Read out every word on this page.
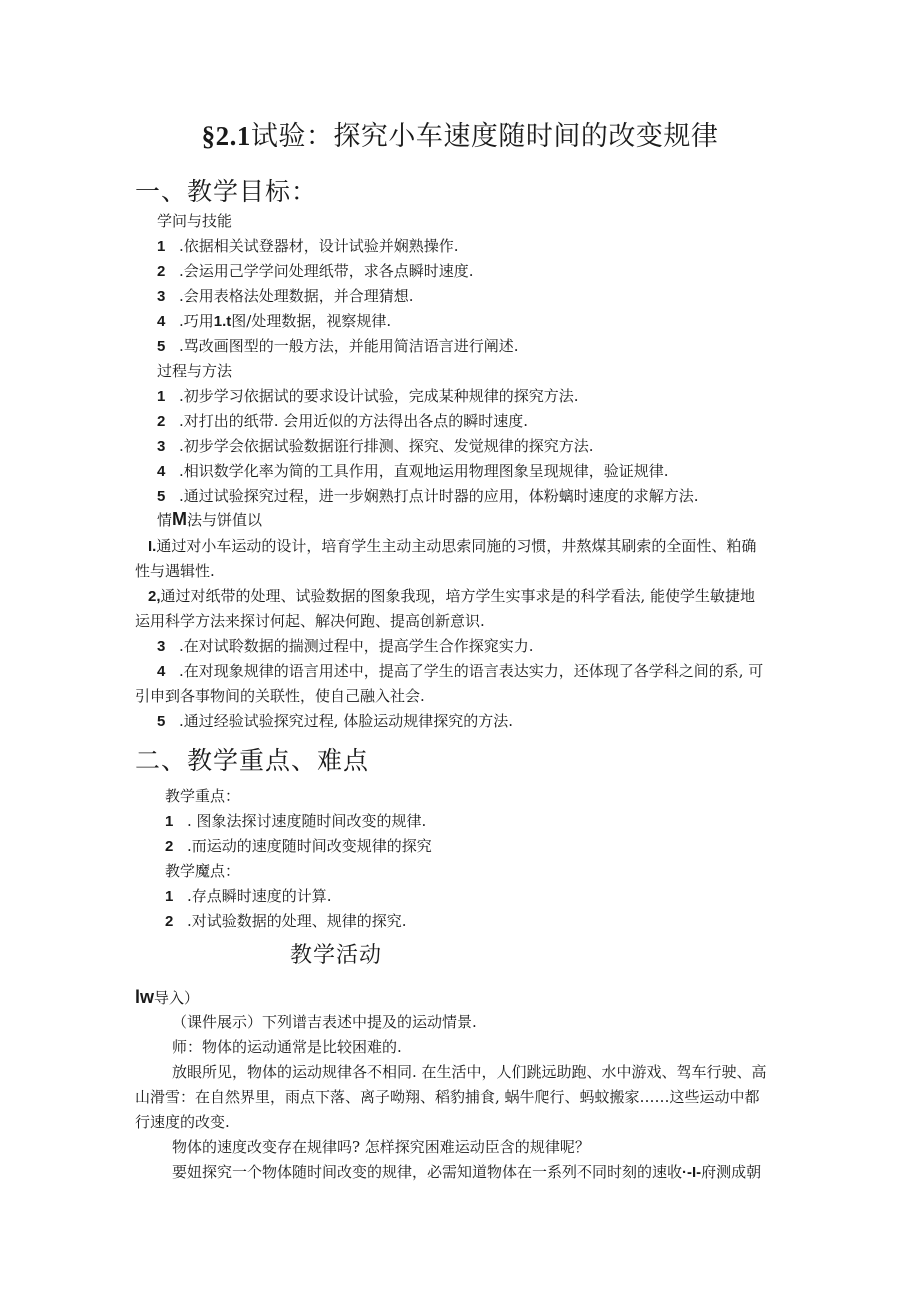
§2.1试验：探究小车速度随时间的改变规律
一、教学目标：
学问与技能
1 .依据相关试登器材，设计试验并娴熟操作.
2 .会运用己学学问处理纸带，求各点瞬时速度.
3 .会用表格法处理数据，并合理猜想.
4 .巧用1.t图/处理数据，视察规律.
5 .骂改画图型的一般方法，并能用简洁语言进行阐述.
过程与方法
1 .初步学习依据试的要求设计试验，完成某种规律的探究方法.
2 .对打出的纸带. 会用近似的方法得出各点的瞬时速度.
3 .初步学会依据试验数据诳行排测、探究、发觉规律的探究方法.
4 .相识数学化率为简的工具作用，直观地运用物理图象呈现规律，验证规律.
5 .通过试验探究过程，进一步娴熟打点计时器的应用，体粉螭时速度的求解方法.
情M法与饼值以
I.通过对小车运动的设计，培育学生主动主动思索同施的习惯，井熬煤其刷索的全面性、粕确
性与遇辑性.
2,通过对纸带的处理、试验数据的图象我现，培方学生实事求是的科学看法, 能使学生敏捷地
运用科学方法来探讨何起、解决何跑、提高创新意识.
3 .在对试聆数据的揣测过程中，提高学生合作探窕实力.
4 .在对现象规律的语言用述中，提高了学生的语言表达实力，还体现了各学科之间的系, 可
引申到各事物间的关联性，使自己融入社会.
5 .通过经验试验探究过程, 体脸运动规律探究的方法.
二、教学重点、难点
教学重点：
1 . 图象法探讨速度随时间改变的规律.
2 .而运动的速度随时间改变规律的探究
教学魔点：
1 .存点瞬时速度的计算.
2 .对试验数据的处理、规律的探究.
教学活动
lw导入）
（课件展示）下列谱吉表述中提及的运动情景.
师：物体的运动通常是比较困难的.
放眼所见，物体的运动规律各不相同. 在生活中，人们跳远助跑、水中游戏、驾车行驶、高
山滑雪：在自然界里，雨点下落、离子呦翔、稻豹捕食, 蜗牛爬行、蚂蚊搬家……这些运动中都
行速度的改变.
物体的速度改变存在规律吗? 怎样探究困难运动臣含的规律呢？
要妞探究一个物体随时间改变的规律，必需知道物体在一系列不同时刻的速收·-I-府测成朝
